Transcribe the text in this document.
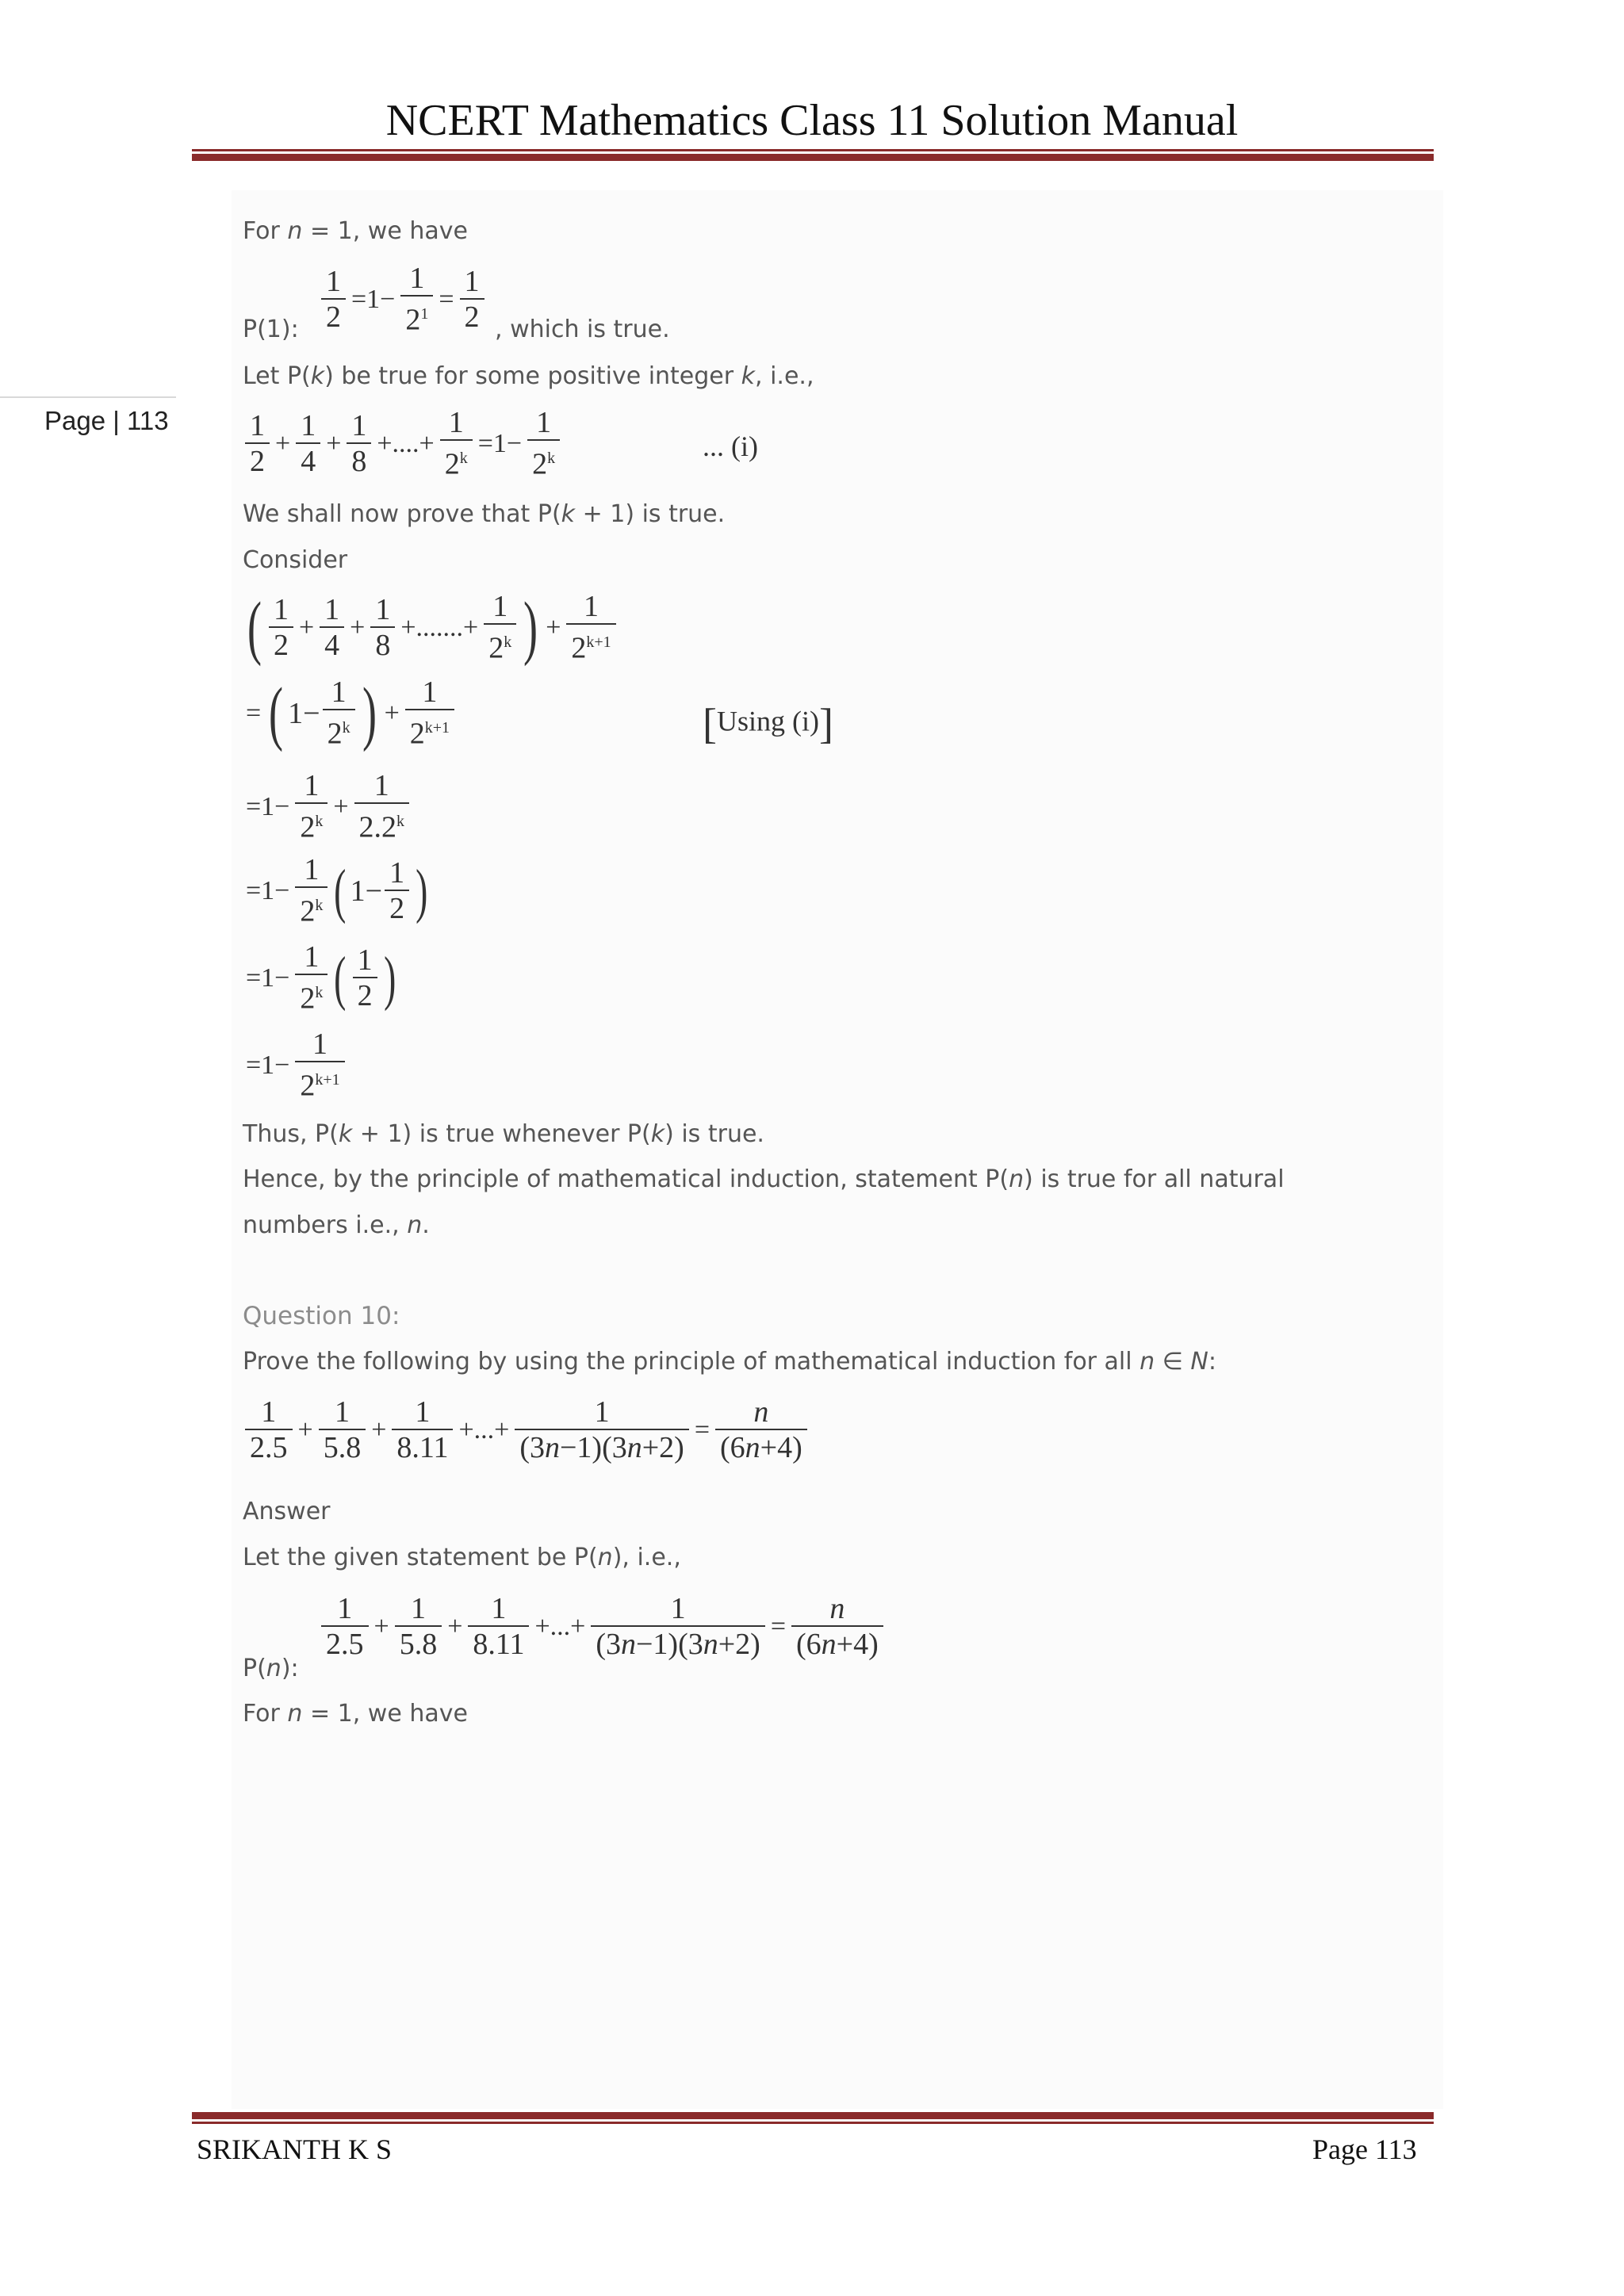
NCERT Mathematics Class 11 Solution Manual
Page | 113
For n = 1, we have
P(1): $\frac{1}{2} =1- \frac{1}{2^1} = \frac{1}{2}$ , which is true.
Let P(k) be true for some positive integer k, i.e.,
$\frac{1}{2} + \frac{1}{4} + \frac{1}{8}$ +....+ $\frac{1}{2^k} =1- \frac{1}{2^k}$	... (i)
We shall now prove that P(k + 1) is true.
Consider
( $\frac{1}{2} + \frac{1}{4} + \frac{1}{8}$ +.......+ $\frac{1}{2^k}$ ) + $\frac{1}{2^{k+1}}$
= ( $1- \frac{1}{2^k}$ ) + $\frac{1}{2^{k+1}}$	[Using (i)]
$=1- \frac{1}{2^k} + \frac{1}{2.2^k}$
$=1- \frac{1}{2^k}$ ( $1- \frac{1}{2}$ )
$=1- \frac{1}{2^k}$ ( $\frac{1}{2}$ )
$=1- \frac{1}{2^{k+1}}$
Thus, P(k + 1) is true whenever P(k) is true.
Hence, by the principle of mathematical induction, statement P(n) is true for all natural
numbers i.e., n.
Question 10:
Prove the following by using the principle of mathematical induction for all n ∈ N:
$\frac{1}{2.5} + \frac{1}{5.8} + \frac{1}{8.11}$ +...+ $\frac{1}{(3n-1)(3n+2)} = \frac{n}{(6n+4)}$
Answer
Let the given statement be P(n), i.e.,
P(n):
$\frac{1}{2.5} + \frac{1}{5.8} + \frac{1}{8.11}$ +...+ $\frac{1}{(3n-1)(3n+2)} = \frac{n}{(6n+4)}$
For n = 1, we have
SRIKANTH K S	Page 113
